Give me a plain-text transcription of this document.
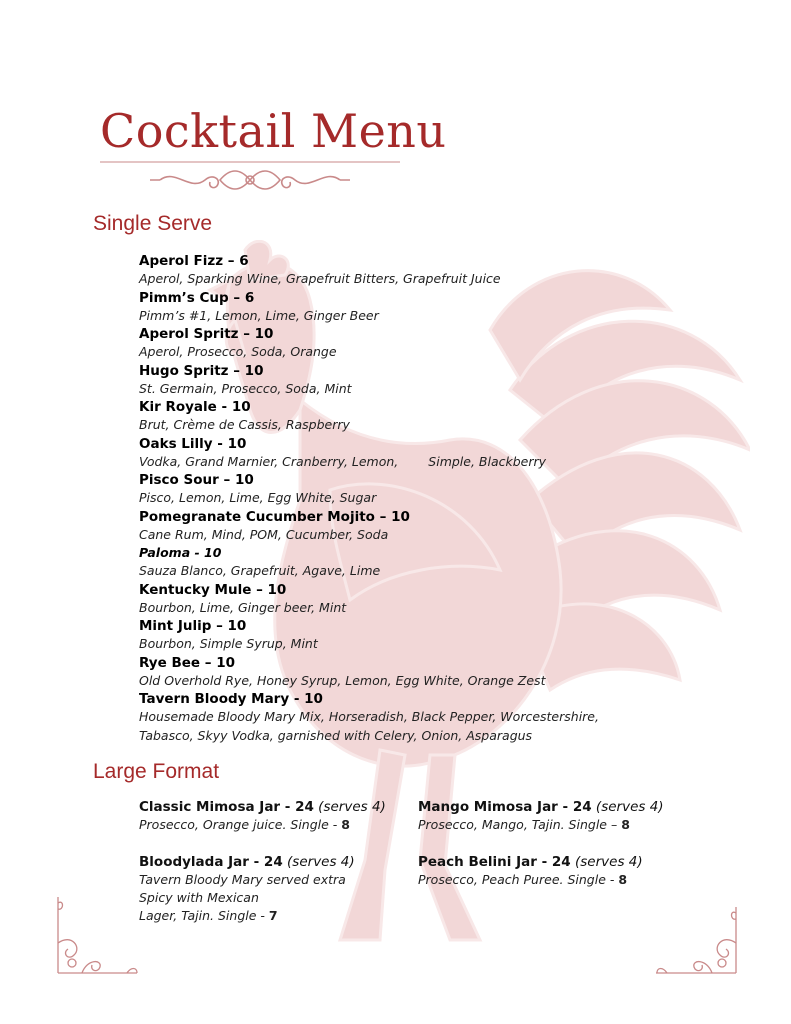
Cocktail Menu
Single Serve
Aperol Fizz – 6
Aperol, Sparking Wine, Grapefruit Bitters, Grapefruit Juice
Pimm’s Cup – 6
Pimm’s #1, Lemon, Lime, Ginger Beer
Aperol Spritz – 10
Aperol, Prosecco, Soda, Orange
Hugo Spritz – 10
St. Germain, Prosecco, Soda, Mint
Kir Royale - 10
Brut, Crème de Cassis, Raspberry
Oaks Lilly - 10
Vodka, Grand Marnier, Cranberry, Lemon, Simple, Blackberry
Pisco Sour – 10
Pisco, Lemon, Lime, Egg White, Sugar
Pomegranate Cucumber Mojito – 10
Cane Rum, Mind, POM, Cucumber, Soda
Paloma - 10
Sauza Blanco, Grapefruit, Agave, Lime
Kentucky Mule – 10
Bourbon, Lime, Ginger beer, Mint
Mint Julip – 10
Bourbon, Simple Syrup, Mint
Rye Bee – 10
Old Overhold Rye, Honey Syrup, Lemon, Egg White, Orange Zest
Tavern Bloody Mary - 10
Housemade Bloody Mary Mix, Horseradish, Black Pepper, Worcestershire,
Tabasco, Skyy Vodka, garnished with Celery, Onion, Asparagus
Large Format
Classic Mimosa Jar - 24 (serves 4)
Prosecco, Orange juice. Single - 8
Mango Mimosa Jar - 24 (serves 4)
Prosecco, Mango, Tajin. Single – 8
Bloodylada Jar - 24 (serves 4)
Tavern Bloody Mary served extra
Spicy with Mexican
Lager, Tajin. Single - 7
Peach Belini Jar - 24 (serves 4)
Prosecco, Peach Puree. Single - 8
